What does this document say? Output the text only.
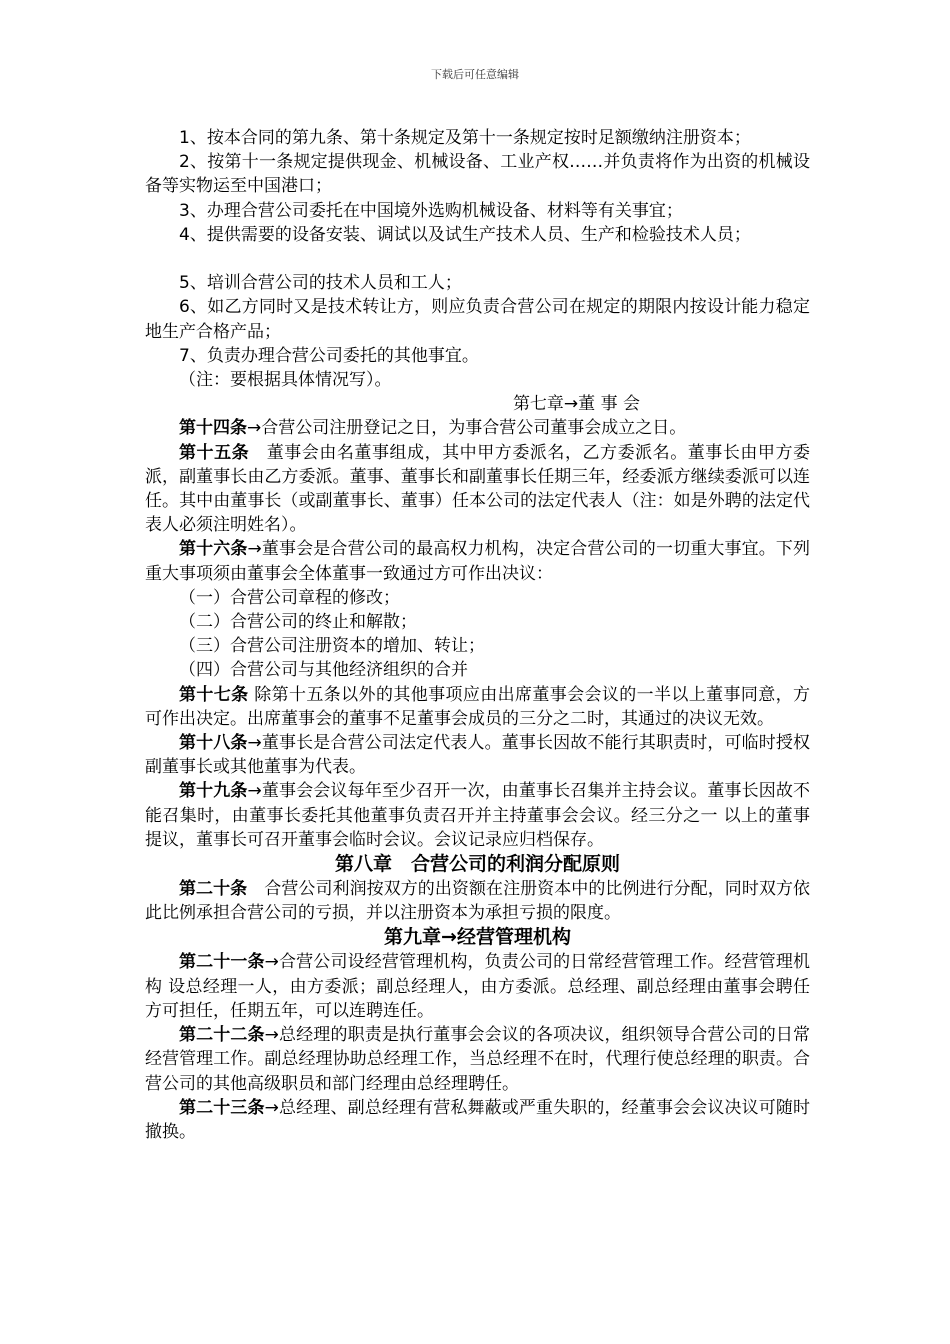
下载后可任意编辑

1、按本合同的第九条、第十条规定及第十一条规定按时足额缴纳注册资本；

2、按第十一条规定提供现金、机械设备、工业产权……并负责将作为出资的机械设备等实物运至中国港口；

3、办理合营公司委托在中国境外选购机械设备、材料等有关事宜；

4、提供需要的设备安装、调试以及试生产技术人员、生产和检验技术人员；

5、培训合营公司的技术人员和工人；

6、如乙方同时又是技术转让方，则应负责合营公司在规定的期限内按设计能力稳定地生产合格产品；

7、负责办理合营公司委托的其他事宜。

（注：要根据具体情况写）。

第七章→董 事 会

第十四条→合营公司注册登记之日，为事合营公司董事会成立之日。

第十五条　董事会由名董事组成，其中甲方委派名，乙方委派名。董事长由甲方委派，副董事长由乙方委派。董事、董事长和副董事长任期三年，经委派方继续委派可以连任。其中由董事长（或副董事长、董事）任本公司的法定代表人（注：如是外聘的法定代表人必须注明姓名）。

第十六条→董事会是合营公司的最高权力机构，决定合营公司的一切重大事宜。下列重大事项须由董事会全体董事一致通过方可作出决议：

（一）合营公司章程的修改；

（二）合营公司的终止和解散；

（三）合营公司注册资本的增加、转让；

（四）合营公司与其他经济组织的合并

第十七条 除第十五条以外的其他事项应由出席董事会会议的一半以上董事同意，方可作出决定。出席董事会的董事不足董事会成员的三分之二时，其通过的决议无效。

第十八条→董事长是合营公司法定代表人。董事长因故不能行其职责时，可临时授权副董事长或其他董事为代表。

第十九条→董事会会议每年至少召开一次，由董事长召集并主持会议。董事长因故不能召集时，由董事长委托其他董事负责召开并主持董事会会议。经三分之一 以上的董事提议，董事长可召开董事会临时会议。会议记录应归档保存。

第八章　合营公司的利润分配原则

第二十条　合营公司利润按双方的出资额在注册资本中的比例进行分配，同时双方依此比例承担合营公司的亏损，并以注册资本为承担亏损的限度。

第九章→经营管理机构

第二十一条→合营公司设经营管理机构，负责公司的日常经营管理工作。经营管理机构 设总经理一人，由方委派；副总经理人，由方委派。总经理、副总经理由董事会聘任方可担任，任期五年，可以连聘连任。

第二十二条→总经理的职责是执行董事会会议的各项决议，组织领导合营公司的日常经营管理工作。副总经理协助总经理工作，当总经理不在时，代理行使总经理的职责。合营公司的其他高级职员和部门经理由总经理聘任。

第二十三条→总经理、副总经理有营私舞蔽或严重失职的，经董事会会议决议可随时撤换。
